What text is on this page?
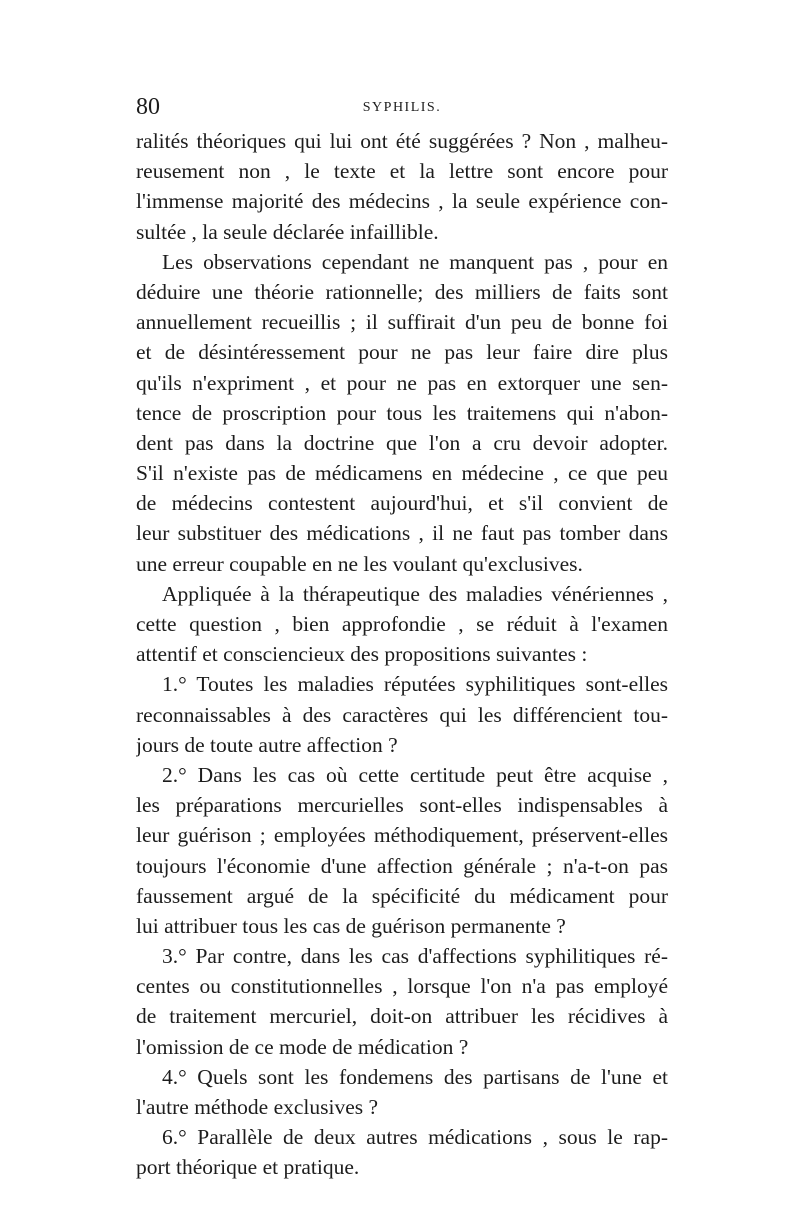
80	SYPHILIS.
ralités théoriques qui lui ont été suggérées ? Non , malheu-
reusement non , le texte et la lettre sont encore pour
l'immense majorité des médecins , la seule expérience con-
sultée , la seule déclarée infaillible.
Les observations cependant ne manquent pas , pour en
déduire une théorie rationnelle; des milliers de faits sont
annuellement recueillis ; il suffirait d'un peu de bonne foi
et de désintéressement pour ne pas leur faire dire plus
qu'ils n'expriment , et pour ne pas en extorquer une sen-
tence de proscription pour tous les traitemens qui n'abon-
dent pas dans la doctrine que l'on a cru devoir adopter.
S'il n'existe pas de médicamens en médecine , ce que peu
de médecins contestent aujourd'hui, et s'il convient de
leur substituer des médications , il ne faut pas tomber dans
une erreur coupable en ne les voulant qu'exclusives.
Appliquée à la thérapeutique des maladies vénériennes ,
cette question , bien approfondie , se réduit à l'examen
attentif et consciencieux des propositions suivantes :
1.° Toutes les maladies réputées syphilitiques sont-elles
reconnaissables à des caractères qui les différencient tou-
jours de toute autre affection ?
2.° Dans les cas où cette certitude peut être acquise ,
les préparations mercurielles sont-elles indispensables à
leur guérison ; employées méthodiquement, préservent-elles
toujours l'économie d'une affection générale ; n'a-t-on pas
faussement argué de la spécificité du médicament pour
lui attribuer tous les cas de guérison permanente ?
3.° Par contre, dans les cas d'affections syphilitiques ré-
centes ou constitutionnelles , lorsque l'on n'a pas employé
de traitement mercuriel, doit-on attribuer les récidives à
l'omission de ce mode de médication ?
4.° Quels sont les fondemens des partisans de l'une et
l'autre méthode exclusives ?
6.° Parallèle de deux autres médications , sous le rap-
port théorique et pratique.
